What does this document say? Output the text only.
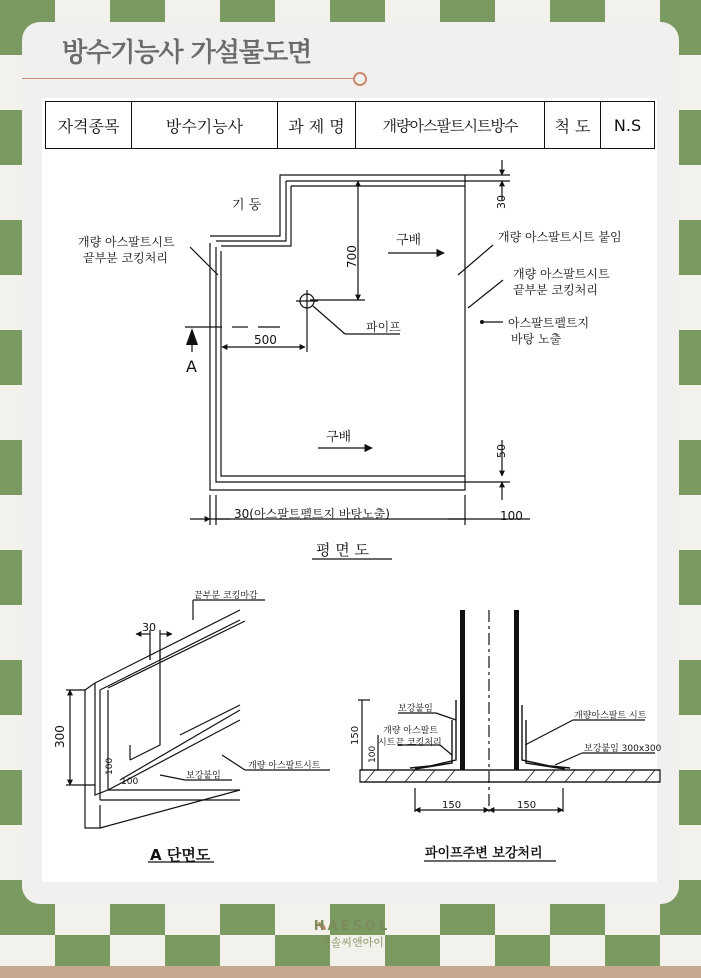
방수기능사 가설물도면
자격종목	방수기능사	과 제 명	개량아스팔트시트방수	척 도	N.S
기 둥
개량 아스팔트시트
끝부분 코킹처리
구배	개량 아스팔트시트 붙임
개량 아스팔트시트
끝부분 코킹처리
아스팔트펠트지
바탕 노출
파이프
A
구배
700
500
30
50
30(아스팔트펠트지 바탕노출)	100
평 면 도
끝부분 코킹마감
30
300
100
100
보강붙임
개량 아스팔트시트
A 단면도
보강붙임
개량 아스팔트
시트끝 코킹처리
개량아스팔트 시트
보강붙임 300x300
150
100
150	150
파이프주변 보강처리
HAESOL
해솔씨앤아이
